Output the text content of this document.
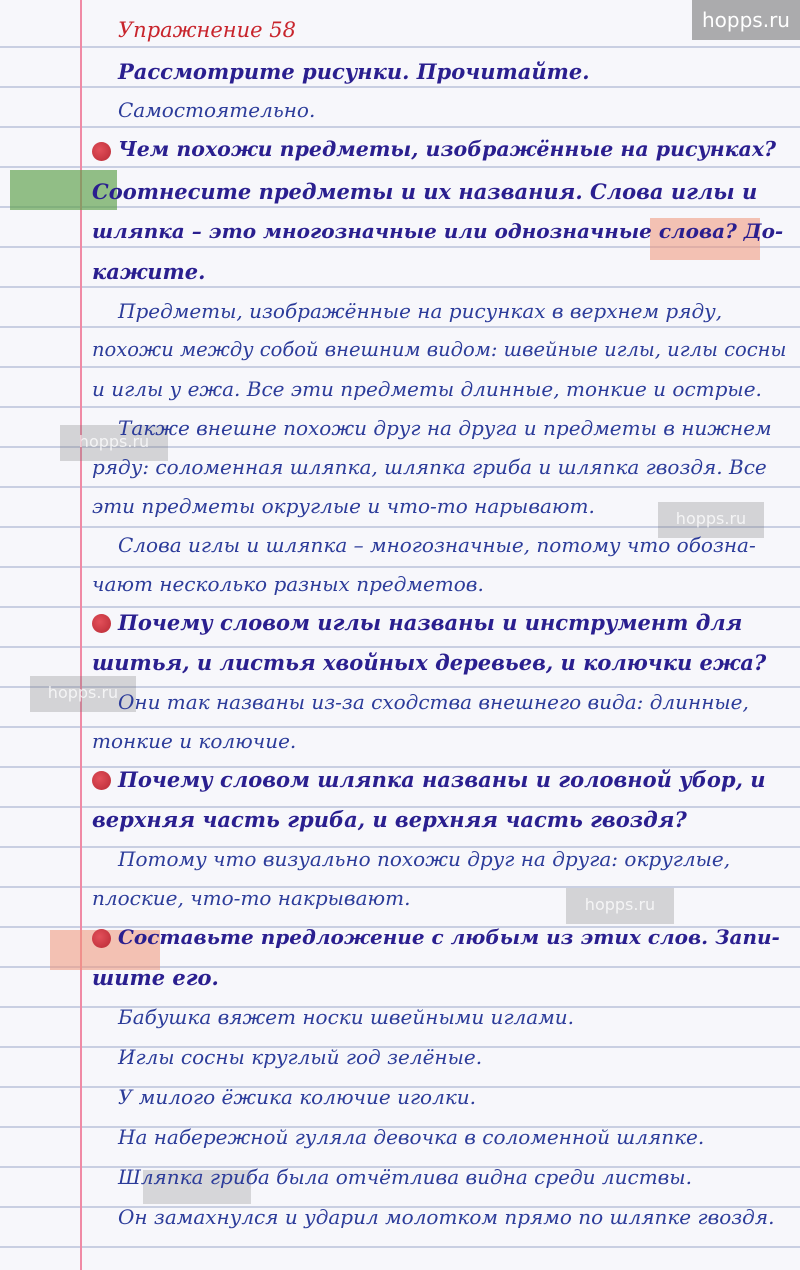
hopps.ru
hopps.ru
hopps.ru
hopps.ru
hopps.ru
Упражнение 58
Рассмотрите рисунки. Прочитайте.
Самостоятельно.
Чем похожи предметы, изображённые на рисунках?
Соотнесите предметы и их названия. Слова иглы и
шляпка – это многозначные или однозначные слова? До-
кажите.
Предметы, изображённые на рисунках в верхнем ряду,
похожи между собой внешним видом: швейные иглы, иглы сосны
и иглы у ежа. Все эти предметы длинные, тонкие и острые.
Также внешне похожи друг на друга и предметы в нижнем
ряду: соломенная шляпка, шляпка гриба и шляпка гвоздя. Все
эти предметы округлые и что-то нарывают.
Слова иглы и шляпка – многозначные, потому что обозна-
чают несколько разных предметов.
Почему словом иглы названы и инструмент для
шитья, и листья хвойных деревьев, и колючки ежа?
Они так названы из-за сходства внешнего вида: длинные,
тонкие и колючие.
Почему словом шляпка названы и головной убор, и
верхняя часть гриба, и верхняя часть гвоздя?
Потому что визуально похожи друг на друга: округлые,
плоские, что-то накрывают.
Составьте предложение с любым из этих слов. Запи-
шите его.
Бабушка вяжет носки швейными иглами.
Иглы сосны круглый год зелёные.
У милого ёжика колючие иголки.
На набережной гуляла девочка в соломенной шляпке.
Шляпка гриба была отчётлива видна среди листвы.
Он замахнулся и ударил молотком прямо по шляпке гвоздя.
